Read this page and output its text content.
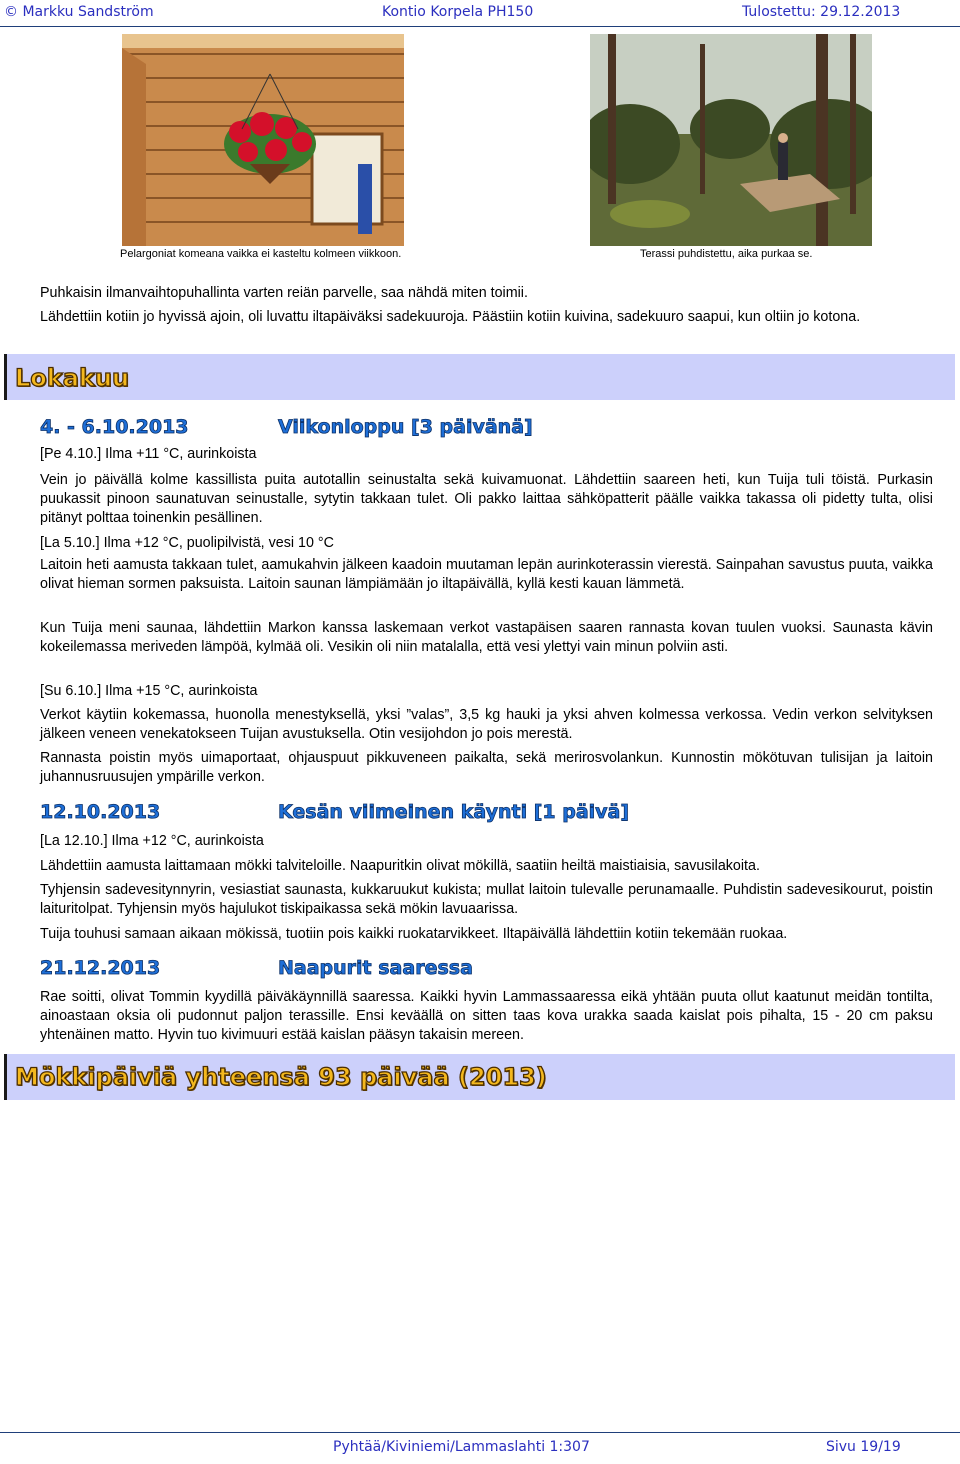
© Markku Sandström	Kontio Korpela PH150	Tulostettu: 29.12.2013
Pelargoniat komeana vaikka ei kasteltu kolmeen viikkoon.	Terassi puhdistettu, aika purkaa se.

Puhkaisin ilmanvaihtopuhallinta varten reiän parvelle, saa nähdä miten toimii.

Lähdettiin kotiin jo hyvissä ajoin, oli luvattu iltapäiväksi sadekuuroja. Päästiin kotiin kuivina, sadekuuro saapui, kun oltiin jo kotona.

Lokakuu
4. - 6.10.2013	Viikonloppu [3 päivänä]

[Pe 4.10.] Ilma +11 °C, aurinkoista

Vein jo päivällä kolme kassillista puita autotallin seinustalta sekä kuivamuonat. Lähdettiin saareen heti, kun Tuija tuli töistä. Purkasin puukassit pinoon saunatuvan seinustalle, sytytin takkaan tulet. Oli pakko laittaa sähköpatterit päälle vaikka takassa oli pidetty tulta, olisi pitänyt polttaa toinenkin pesällinen.

[La 5.10.] Ilma +12 °C, puolipilvistä, vesi 10 °C

Laitoin heti aamusta takkaan tulet, aamukahvin jälkeen kaadoin muutaman lepän aurinkoterassin vierestä. Sainpahan savustus puuta, vaikka olivat hieman sormen paksuista. Laitoin saunan lämpiämään jo iltapäivällä, kyllä kesti kauan lämmetä.

Kun Tuija meni saunaa, lähdettiin Markon kanssa laskemaan verkot vastapäisen saaren rannasta kovan tuulen vuoksi. Saunasta kävin kokeilemassa meriveden lämpöä, kylmää oli. Vesikin oli niin matalalla, että vesi ylettyi vain minun polviin asti.

[Su 6.10.] Ilma +15 °C, aurinkoista

Verkot käytiin kokemassa, huonolla menestyksellä, yksi ”valas”, 3,5 kg hauki ja yksi ahven kolmessa verkossa. Vedin verkon selvityksen jälkeen veneen venekatokseen Tuijan avustuksella. Otin vesijohdon jo pois merestä.

Rannasta poistin myös uimaportaat, ohjauspuut pikkuveneen paikalta, sekä merirosvolankun. Kunnostin mökötuvan tulisijan ja laitoin juhannusruusujen ympärille verkon.

12.10.2013	Kesän viimeinen käynti [1 päivä]

[La 12.10.] Ilma +12 °C, aurinkoista

Lähdettiin aamusta laittamaan mökki talviteloille. Naapuritkin olivat mökillä, saatiin heiltä maistiaisia, savusilakoita.

Tyhjensin sadevesitynnyrin, vesiastiat saunasta, kukkaruukut kukista; mullat laitoin tulevalle perunamaalle. Puhdistin sadevesikourut, poistin laituritolpat. Tyhjensin myös hajulukot tiskipaikassa sekä mökin lavuaarissa.

Tuija touhusi samaan aikaan mökissä, tuotiin pois kaikki ruokatarvikkeet. Iltapäivällä lähdettiin kotiin tekemään ruokaa.

21.12.2013	Naapurit saaressa

Rae soitti, olivat Tommin kyydillä päiväkäynnillä saaressa. Kaikki hyvin Lammassaaressa eikä yhtään puuta ollut kaatunut meidän tontilta, ainoastaan oksia oli pudonnut paljon terassille. Ensi keväällä on sitten taas kova urakka saada kaislat pois pihalta, 15 - 20 cm paksu yhtenäinen matto. Hyvin tuo kivimuuri estää kaislan pääsyn takaisin mereen.

Mökkipäiviä yhteensä 93 päivää (2013)
Pyhtää/Kiviniemi/Lammaslahti 1:307	Sivu 19/19
